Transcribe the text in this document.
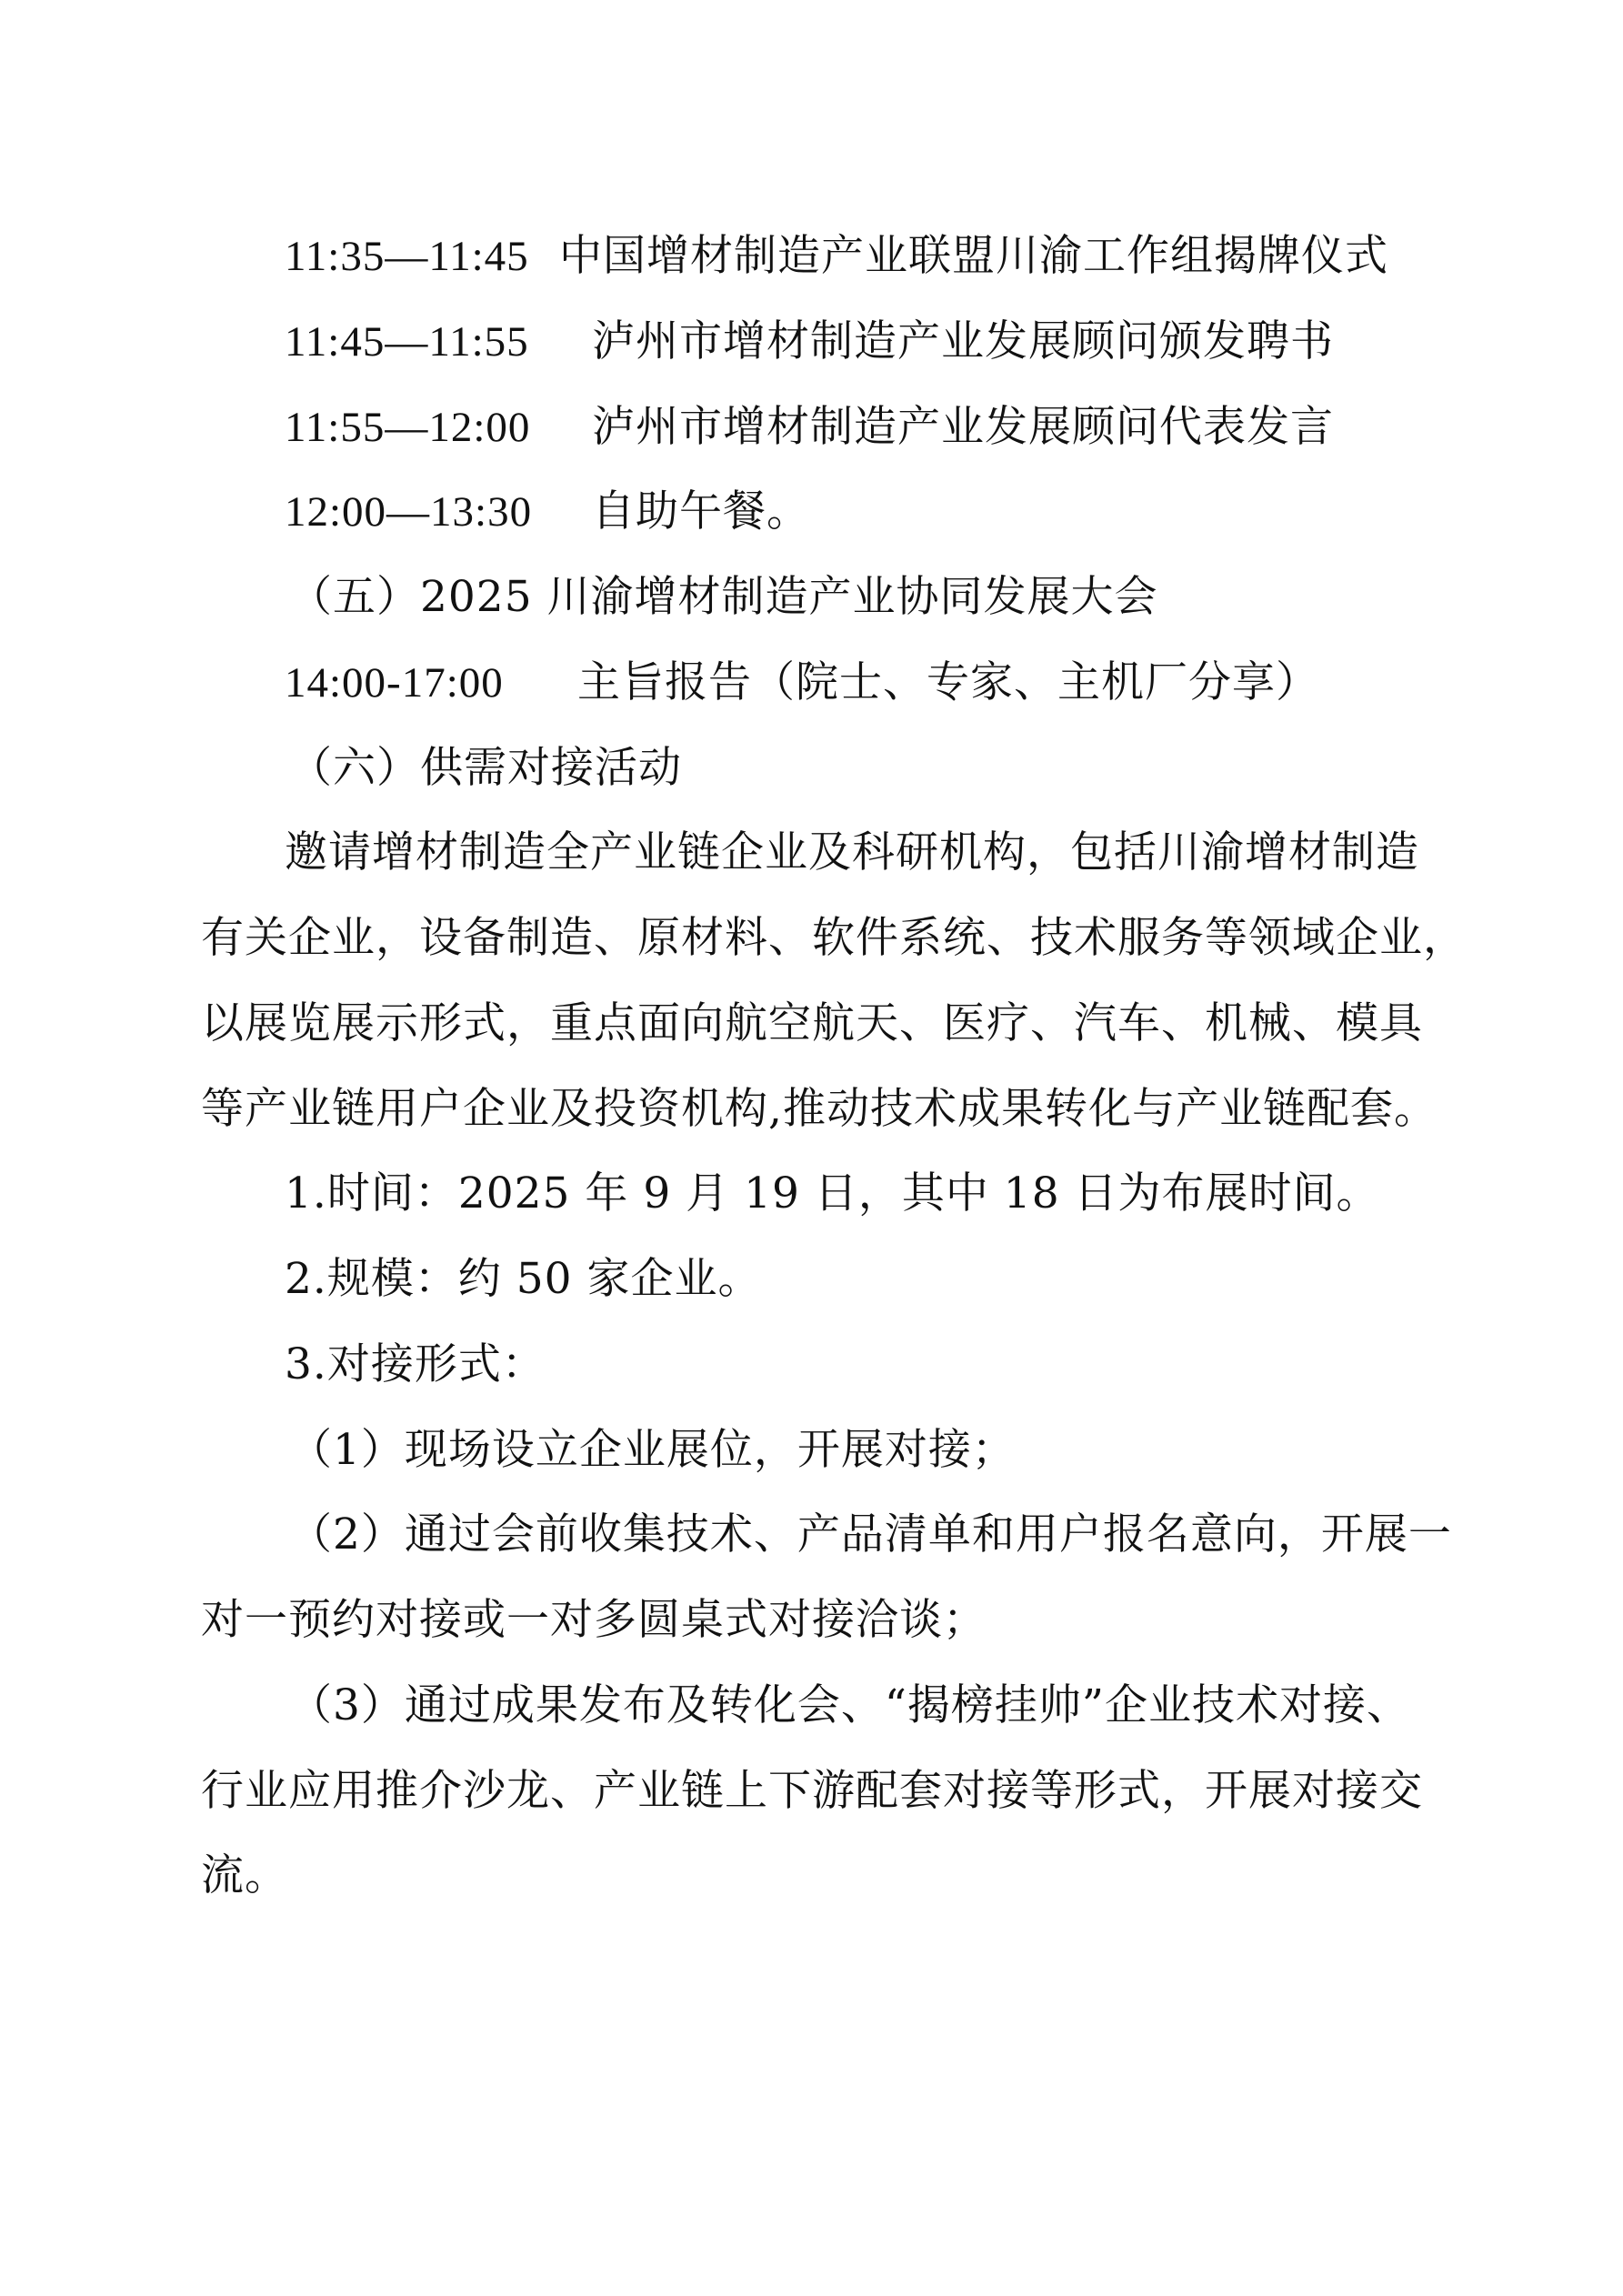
11:35—11:45 中国增材制造产业联盟川渝工作组揭牌仪式
11:45—11:55 泸州市增材制造产业发展顾问颁发聘书
11:55—12:00 泸州市增材制造产业发展顾问代表发言
12:00—13:30 自助午餐。
（五）2025 川渝增材制造产业协同发展大会
14:00-17:00 主旨报告（院士、专家、主机厂分享）
（六）供需对接活动
邀请增材制造全产业链企业及科研机构，包括川渝增材制造
有关企业，设备制造、原材料、软件系统、技术服务等领域企业，
以展览展示形式，重点面向航空航天、医疗、汽车、机械、模具
等产业链用户企业及投资机构,推动技术成果转化与产业链配套。
1.时间：2025 年 9 月 19 日，其中 18 日为布展时间。
2.规模：约 50 家企业。
3.对接形式：
（1）现场设立企业展位，开展对接；
（2）通过会前收集技术、产品清单和用户报名意向，开展一
对一预约对接或一对多圆桌式对接洽谈；
（3）通过成果发布及转化会、“揭榜挂帅”企业技术对接、
行业应用推介沙龙、产业链上下游配套对接等形式，开展对接交
流。
